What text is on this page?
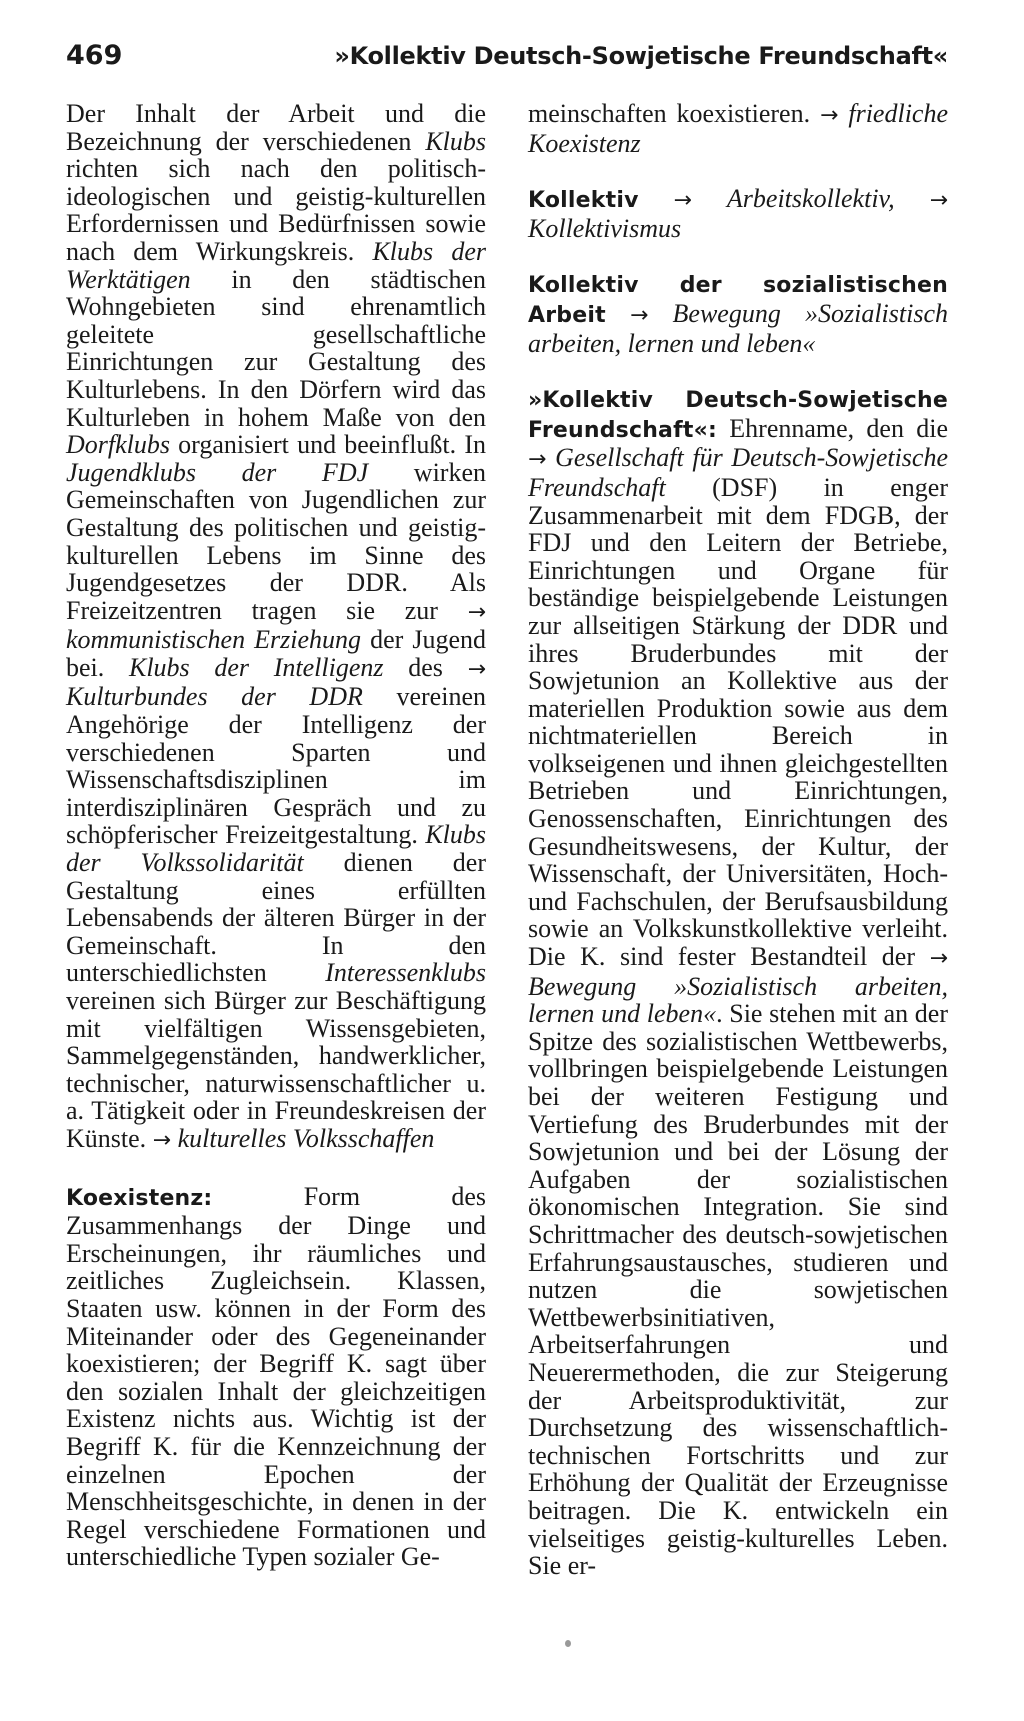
469	»Kollektiv Deutsch-Sowjetische Freundschaft«

Der Inhalt der Arbeit und die Bezeichnung der verschiedenen Klubs richten sich nach den politisch-ideologischen und geistig-kulturellen Erfordernissen und Bedürfnissen sowie nach dem Wirkungskreis. Klubs der Werktätigen in den städtischen Wohngebieten sind ehrenamtlich geleitete gesellschaftliche Einrichtungen zur Gestaltung des Kulturlebens. In den Dörfern wird das Kulturleben in hohem Maße von den Dorfklubs organisiert und beeinflußt. In Jugendklubs der FDJ wirken Gemeinschaften von Jugendlichen zur Gestaltung des politischen und geistig-kulturellen Lebens im Sinne des Jugendgesetzes der DDR. Als Freizeitzentren tragen sie zur → kommunistischen Erziehung der Jugend bei. Klubs der Intelligenz des → Kulturbundes der DDR vereinen Angehörige der Intelligenz der verschiedenen Sparten und Wissenschaftsdisziplinen im interdisziplinären Gespräch und zu schöpferischer Freizeitgestaltung. Klubs der Volkssolidarität dienen der Gestaltung eines erfüllten Lebensabends der älteren Bürger in der Gemeinschaft. In den unterschiedlichsten Interessenklubs vereinen sich Bürger zur Beschäftigung mit vielfältigen Wissensgebieten, Sammelgegenständen, handwerklicher, technischer, naturwissenschaftlicher u. a. Tätigkeit oder in Freundeskreisen der Künste. → kulturelles Volksschaffen

Koexistenz: Form des Zusammenhangs der Dinge und Erscheinungen, ihr räumliches und zeitliches Zugleichsein. Klassen, Staaten usw. können in der Form des Miteinander oder des Gegeneinander koexistieren; der Begriff K. sagt über den sozialen Inhalt der gleichzeitigen Existenz nichts aus. Wichtig ist der Begriff K. für die Kennzeichnung der einzelnen Epochen der Menschheitsgeschichte, in denen in der Regel verschiedene Formationen und unterschiedliche Typen sozialer Ge-

meinschaften koexistieren. → friedliche Koexistenz

Kollektiv → Arbeitskollektiv, → Kollektivismus

Kollektiv der sozialistischen Arbeit → Bewegung »Sozialistisch arbeiten, lernen und leben«

»Kollektiv Deutsch-Sowjetische Freundschaft«: Ehrenname, den die → Gesellschaft für Deutsch-Sowjetische Freundschaft (DSF) in enger Zusammenarbeit mit dem FDGB, der FDJ und den Leitern der Betriebe, Einrichtungen und Organe für beständige beispielgebende Leistungen zur allseitigen Stärkung der DDR und ihres Bruderbundes mit der Sowjetunion an Kollektive aus der materiellen Produktion sowie aus dem nichtmateriellen Bereich in volkseigenen und ihnen gleichgestellten Betrieben und Einrichtungen, Genossenschaften, Einrichtungen des Gesundheitswesens, der Kultur, der Wissenschaft, der Universitäten, Hoch- und Fachschulen, der Berufsausbildung sowie an Volkskunstkollektive verleiht. Die K. sind fester Bestandteil der → Bewegung »Sozialistisch arbeiten, lernen und leben«. Sie stehen mit an der Spitze des sozialistischen Wettbewerbs, vollbringen beispielgebende Leistungen bei der weiteren Festigung und Vertiefung des Bruderbundes mit der Sowjetunion und bei der Lösung der Aufgaben der sozialistischen ökonomischen Integration. Sie sind Schrittmacher des deutsch-sowjetischen Erfahrungsaustausches, studieren und nutzen die sowjetischen Wettbewerbsinitiativen, Arbeitserfahrungen und Neuerermethoden, die zur Steigerung der Arbeitsproduktivität, zur Durchsetzung des wissenschaftlich-technischen Fortschritts und zur Erhöhung der Qualität der Erzeugnisse beitragen. Die K. entwickeln ein vielseitiges geistig-kulturelles Leben. Sie er-
